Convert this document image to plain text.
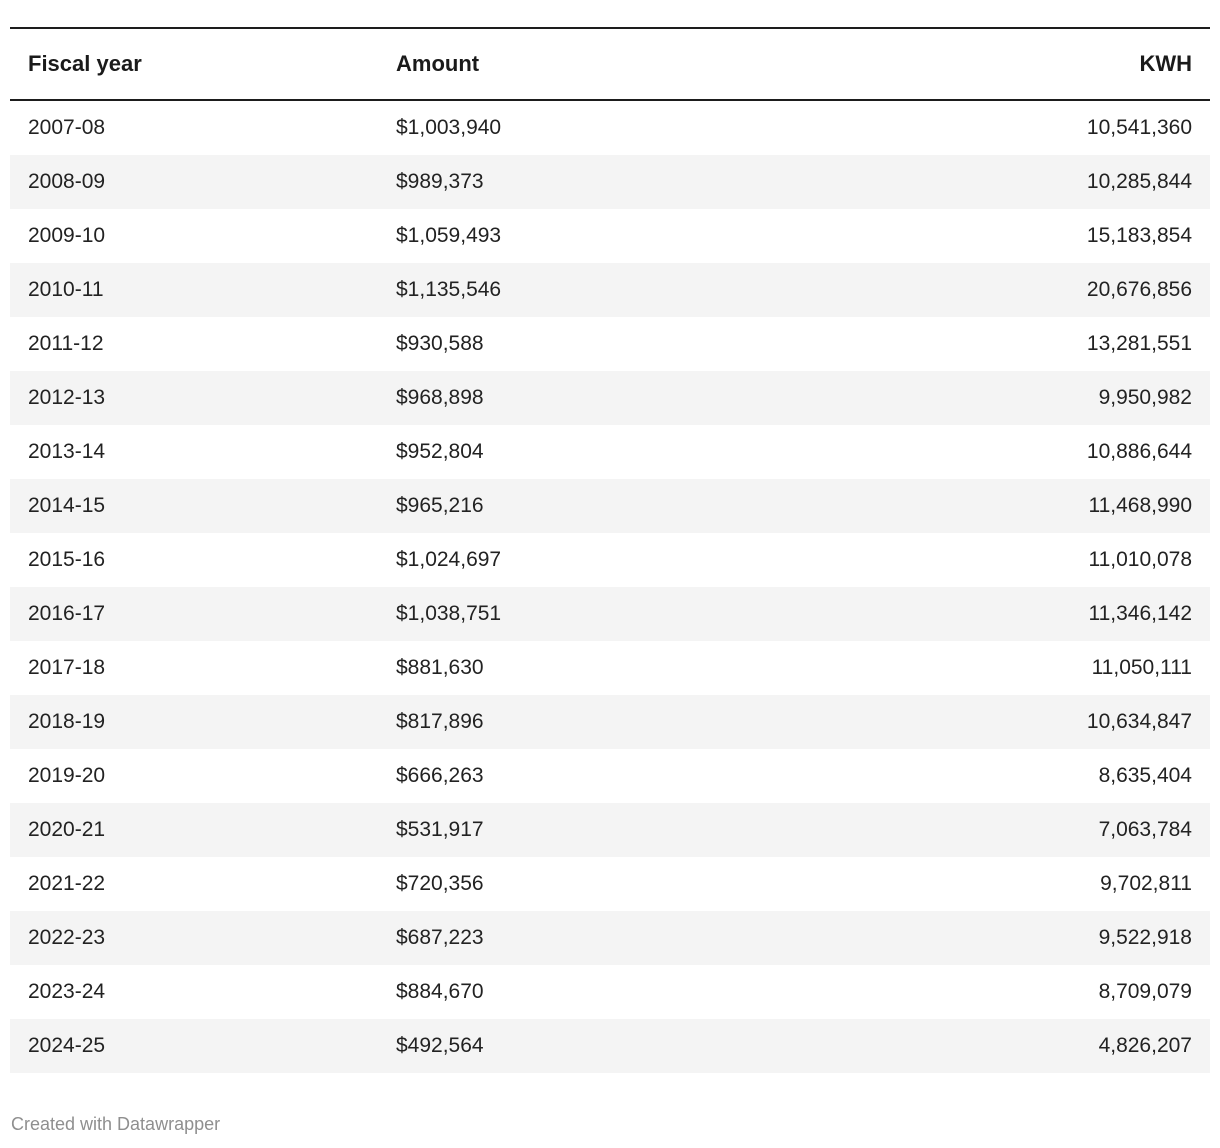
Fiscal year	Amount	KWH
2007-08	$1,003,940	10,541,360
2008-09	$989,373	10,285,844
2009-10	$1,059,493	15,183,854
2010-11	$1,135,546	20,676,856
2011-12	$930,588	13,281,551
2012-13	$968,898	9,950,982
2013-14	$952,804	10,886,644
2014-15	$965,216	11,468,990
2015-16	$1,024,697	11,010,078
2016-17	$1,038,751	11,346,142
2017-18	$881,630	11,050,111
2018-19	$817,896	10,634,847
2019-20	$666,263	8,635,404
2020-21	$531,917	7,063,784
2021-22	$720,356	9,702,811
2022-23	$687,223	9,522,918
2023-24	$884,670	8,709,079
2024-25	$492,564	4,826,207
Created with Datawrapper
